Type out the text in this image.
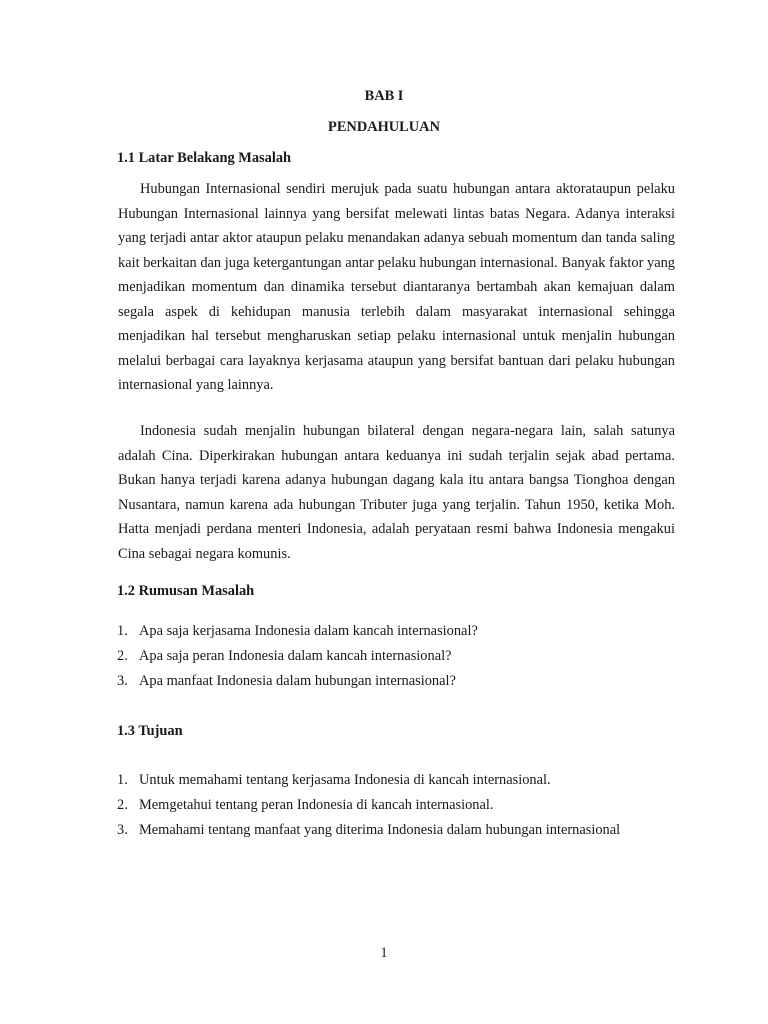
BAB I
PENDAHULUAN
1.1 Latar Belakang Masalah
Hubungan Internasional sendiri merujuk pada suatu hubungan antara aktorataupun pelaku Hubungan Internasional lainnya yang bersifat melewati lintas batas Negara. Adanya interaksi yang terjadi antar aktor ataupun pelaku menandakan adanya sebuah momentum dan tanda saling kait berkaitan dan juga ketergantungan antar pelaku hubungan internasional. Banyak faktor yang menjadikan momentum dan dinamika tersebut diantaranya bertambah akan kemajuan dalam segala aspek di kehidupan manusia terlebih dalam masyarakat internasional sehingga menjadikan hal tersebut mengharuskan setiap pelaku internasional untuk menjalin hubungan melalui berbagai cara layaknya kerjasama ataupun yang bersifat bantuan dari pelaku hubungan internasional yang lainnya.
Indonesia sudah menjalin hubungan bilateral dengan negara-negara lain, salah satunya adalah Cina. Diperkirakan hubungan antara keduanya ini sudah terjalin sejak abad pertama. Bukan hanya terjadi karena adanya hubungan dagang kala itu antara bangsa Tionghoa dengan Nusantara, namun karena ada hubungan Tributer juga yang terjalin. Tahun 1950, ketika Moh. Hatta menjadi perdana menteri Indonesia, adalah peryataan resmi bahwa Indonesia mengakui Cina sebagai negara komunis.
1.2 Rumusan Masalah
1. Apa saja kerjasama Indonesia dalam kancah internasional?
2. Apa saja peran Indonesia dalam kancah internasional?
3. Apa manfaat Indonesia dalam hubungan internasional?
1.3 Tujuan
1. Untuk memahami tentang kerjasama Indonesia di kancah internasional.
2. Memgetahui tentang peran Indonesia di kancah internasional.
3. Memahami tentang manfaat yang diterima Indonesia dalam hubungan internasional
1
